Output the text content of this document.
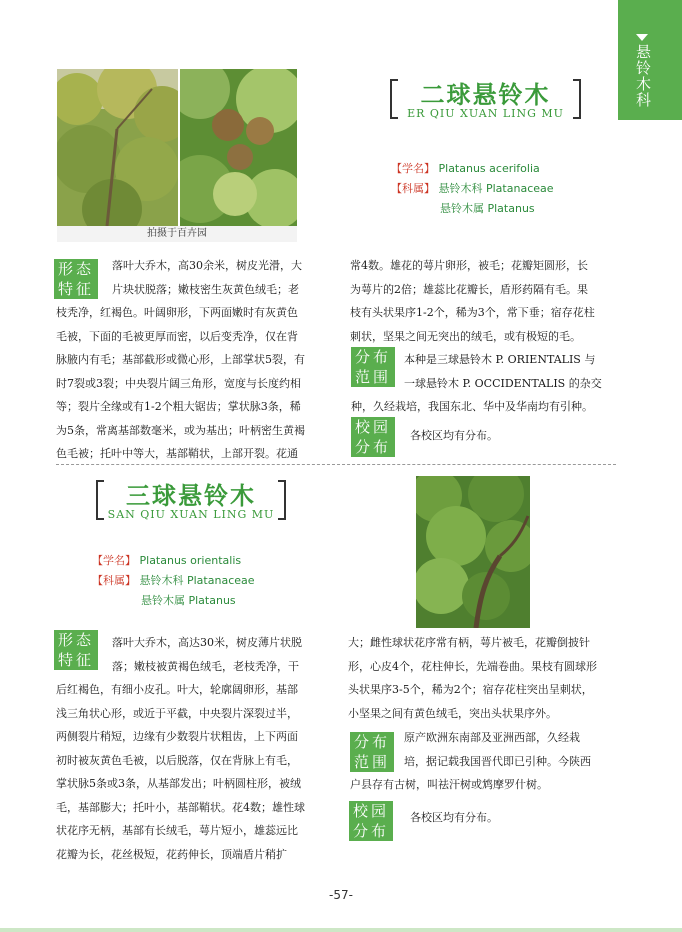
悬铃木科
拍摄于百卉园
二球悬铃木
ER QIU XUAN LING MU
【学名】 Platanus acerifolia
【科属】 悬铃木科 Platanaceae
悬铃木属 Platanus
形态
特征
落叶大乔木，高30余米，树皮光滑，大
片块状脱落；嫩枝密生灰黄色绒毛；老
枝秃净，红褐色。叶阔卵形，下两面嫩时有灰黄色
毛被，下面的毛被更厚而密，以后变秃净，仅在背
脉腋内有毛；基部截形或微心形，上部掌状5裂，有
时7裂或3裂；中央裂片阔三角形，宽度与长度约相
等；裂片全缘或有1-2个粗大锯齿；掌状脉3条，稀
为5条，常离基部数毫米，或为基出；叶柄密生黄褐
色毛被；托叶中等大，基部鞘状，上部开裂。花通
常4数。雄花的萼片卵形，被毛；花瓣矩圆形，长
为萼片的2倍；雄蕊比花瓣长，盾形药隔有毛。果
枝有头状果序1-2个，稀为3个，常下垂；宿存花柱
刺状，坚果之间无突出的绒毛，或有极短的毛。
分布
范围
本种是三球悬铃木 P. ORIENTALIS 与
一球悬铃木 P. OCCIDENTALIS 的杂交
种，久经栽培，我国东北、华中及华南均有引种。
校园
分布
各校区均有分布。
三球悬铃木
SAN QIU XUAN LING MU
【学名】 Platanus orientalis
【科属】 悬铃木科 Platanaceae
悬铃木属 Platanus
形态
特征
落叶大乔木，高达30米，树皮薄片状脱
落；嫩枝被黄褐色绒毛，老枝秃净，干
后红褐色，有细小皮孔。叶大，轮廓阔卵形，基部
浅三角状心形，或近于平截，中央裂片深裂过半，
两侧裂片稍短，边缘有少数裂片状粗齿，上下两面
初时被灰黄色毛被，以后脱落，仅在背脉上有毛，
掌状脉5条或3条，从基部发出；叶柄圆柱形，被绒
毛，基部膨大；托叶小，基部鞘状。花4数；雄性球
状花序无柄，基部有长绒毛，萼片短小，雄蕊远比
花瓣为长，花丝极短，花药伸长，顶端盾片稍扩
大；雌性球状花序常有柄，萼片被毛，花瓣倒披针
形，心皮4个，花柱伸长，先端卷曲。果枝有圆球形
头状果序3-5个，稀为2个；宿存花柱突出呈刺状，
小坚果之间有黄色绒毛，突出头状果序外。
分布
范围
原产欧洲东南部及亚洲西部，久经栽
培，据记载我国晋代即已引种。今陕西
户县存有古树，叫祛汗树或鸩摩罗什树。
校园
分布
各校区均有分布。
-57-
